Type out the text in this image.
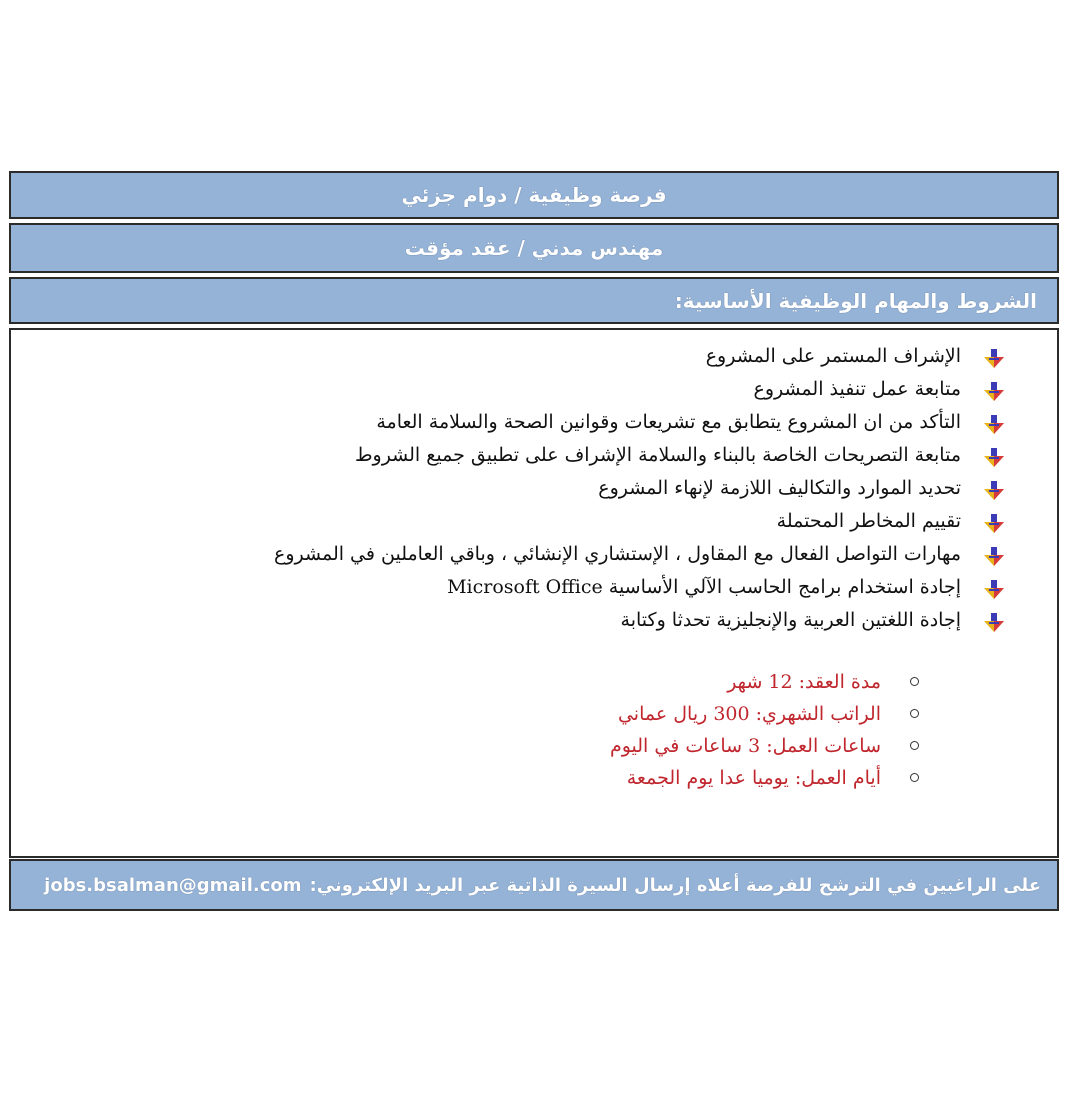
فرصة وظيفية / دوام جزئي
مهندس مدني / عقد مؤقت
الشروط والمهام الوظيفية الأساسية:
الإشراف المستمر على المشروع
متابعة عمل تنفيذ المشروع
التأكد من ان المشروع يتطابق مع تشريعات وقوانين الصحة والسلامة العامة
متابعة التصريحات الخاصة بالبناء والسلامة الإشراف على تطبيق جميع الشروط
تحديد الموارد والتكاليف اللازمة لإنهاء المشروع
تقييم المخاطر المحتملة
مهارات التواصل الفعال مع المقاول ، الإستشاري الإنشائي ، وباقي العاملين في المشروع
إجادة استخدام برامج الحاسب الآلي الأساسية Microsoft Office
إجادة اللغتين العربية والإنجليزية تحدثا وكتابة
مدة العقد: 12 شهر
الراتب الشهري: 300 ريال عماني
ساعات العمل: 3 ساعات في اليوم
أيام العمل: يوميا عدا يوم الجمعة
على الراغبين في الترشح للفرصة أعلاه إرسال السيرة الذاتية عبر البريد الإلكتروني:
jobs.bsalman@gmail.com
